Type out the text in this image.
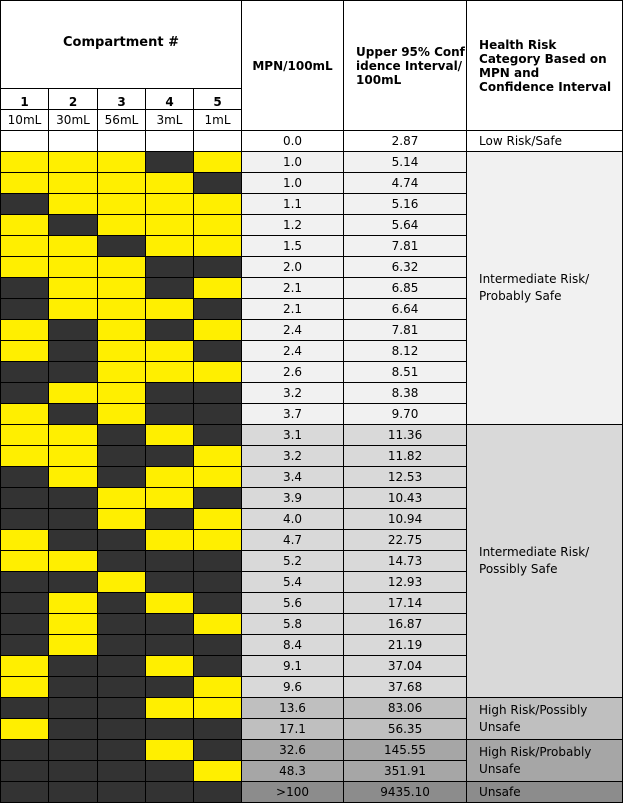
Compartment #					MPN/100mL	Upper 95% Confidence Interval/100mL	Health Risk Category Based on MPN and Confidence Interval
1	2	3	4	5			
10mL	30mL	56mL	3mL	1mL			
					0.0	2.87	Low Risk/Safe
					1.0	5.14	Intermediate Risk/ Probably Safe
					1.0	4.74	
					1.1	5.16	
					1.2	5.64	
					1.5	7.81	
					2.0	6.32	
					2.1	6.85	
					2.1	6.64	
					2.4	7.81	
					2.4	8.12	
					2.6	8.51	
					3.2	8.38	
					3.7	9.70	
					3.1	11.36	Intermediate Risk/ Possibly Safe
					3.2	11.82	
					3.4	12.53	
					3.9	10.43	
					4.0	10.94	
					4.7	22.75	
					5.2	14.73	
					5.4	12.93	
					5.6	17.14	
					5.8	16.87	
					8.4	21.19	
					9.1	37.04	
					9.6	37.68	
					13.6	83.06	High Risk/Possibly Unsafe
					17.1	56.35	
					32.6	145.55	High Risk/Probably Unsafe
					48.3	351.91	
					>100	9435.10	Unsafe
